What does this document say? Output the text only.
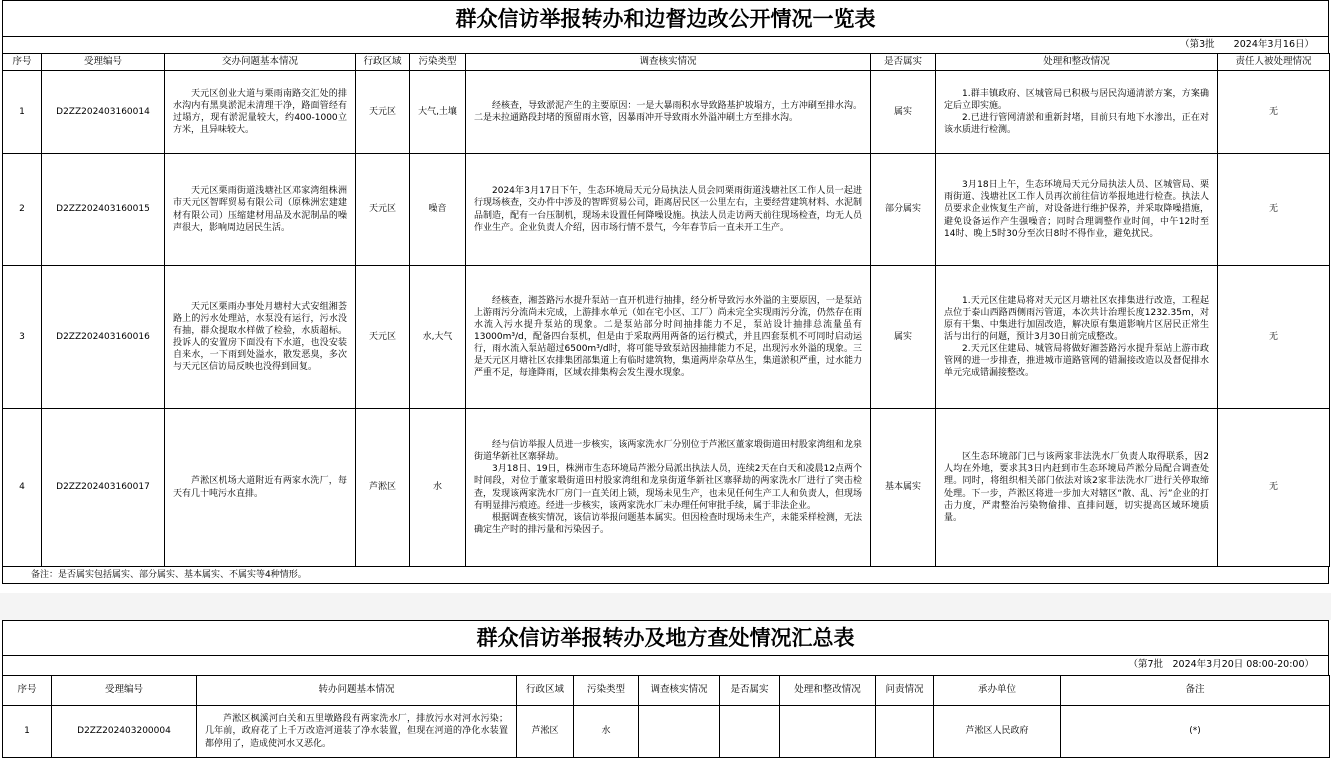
群众信访举报转办和边督边改公开情况一览表
（第3批　　2024年3月16日）
序号	受理编号	交办问题基本情况	行政区域	污染类型	调查核实情况	是否属实	处理和整改情况	责任人被处理情况
1	D2ZZ202403160014	天元区创业大道与栗雨南路交汇处的排水沟内有黑臭淤泥未清理干净，路面管经有过塌方，现有淤泥量较大，约400-1000立方米，且异味较大。	天元区	大气,土壤	经核查，导致淤泥产生的主要原因：一是大暴雨积水导致路基护坡塌方，土方冲刷至排水沟。二是未拉通路段封堵的预留雨水管，因暴雨冲开导致雨水外溢冲刷土方至排水沟。	属实	1.群丰镇政府、区城管局已积极与居民沟通清淤方案，方案确定后立即实施。
2.已进行管网清淤和重新封堵，目前只有地下水渗出，正在对该水质进行检测。	无
2	D2ZZ202403160015	天元区栗雨街道浅塘社区邓家湾组株洲市天元区智晖贸易有限公司（原株洲宏建建材有限公司）压缩建材用品及水泥制品的噪声很大，影响周边居民生活。	天元区	噪音	2024年3月17日下午，生态环境局天元分局执法人员会同栗雨街道浅塘社区工作人员一起进行现场核查，交办件中涉及的智晖贸易公司，距离居民区一公里左右，主要经营建筑材料、水泥制品制造，配有一台压制机，现场未设置任何降噪设施。执法人员走访两天前往现场检查，均无人员作业生产。企业负责人介绍，因市场行情不景气，今年春节后一直未开工生产。	部分属实	3月18日上午，生态环境局天元分局执法人员、区城管局、栗雨街道、浅塘社区工作人员再次前往信访举报地进行检查。执法人员要求企业恢复生产前，对设备进行维护保养，并采取降噪措施，避免设备运作产生强噪音；同时合理调整作业时间，中午12时至14时、晚上5时30分至次日8时不得作业，避免扰民。	无
3	D2ZZ202403160016	天元区栗雨办事处月塘村大式安组湘荟路上的污水处理站，水泵没有运行，污水没有抽，群众提取水样做了检验，水质超标。投诉人的安置房下面没有下水道，也没安装自来水，一下雨到处溢水，散发恶臭，多次与天元区信访局反映也没得到回复。	天元区	水,大气	经核查，湘荟路污水提升泵站一直开机进行抽排，经分析导致污水外溢的主要原因，一是泵站上游雨污分流尚未完成，上游排水单元（如在宅小区、工厂）尚未完全实现雨污分流，仍然存在雨水流入污水提升泵站的现象。二是泵站部分时间抽排能力不足，泵站设计抽排总流量虽有13000m³/d，配备四台泵机，但是由于采取两用两备的运行模式，并且四套泵机不可同时启动运行，雨水流入泵站超过6500m³/d时，将可能导致泵站因抽排能力不足，出现污水外溢的现象。三是天元区月塘社区农排集团部集道上有临时建筑物，集道两岸杂草丛生，集道淤积严重，过水能力严重不足，每逢降雨，区域农排集构会发生漫水现象。	属实	1.天元区住建局将对天元区月塘社区农排集进行改造，工程起点位于泰山西路西侧雨污管道，本次共计治理长度1232.35m，对原有干集、中集进行加固改造，解决原有集道影响片区居民正常生活与出行的问题，预计3月30日前完成整改。
2.天元区住建局、城管局将做好湘荟路污水提升泵站上游市政管网的进一步排查，推进城市道路管网的错漏接改造以及督促排水单元完成错漏接整改。	无
4	D2ZZ202403160017	芦淞区机场大道附近有两家水洗厂，每天有几十吨污水直排。	芦淞区	水	经与信访举报人员进一步核实，该两家洗水厂分别位于芦淞区董家塅街道田村股家湾组和龙泉街道华新社区寨驿劫。
3月18日、19日，株洲市生态环境局芦淞分局派出执法人员，连续2天在白天和凌晨12点两个时间段，对位于董家塅街道田村股家湾组和龙泉街道华新社区寨驿劫的两家洗水厂进行了突击检查，发现该两家洗水厂房门一直关闭上锁，现场未见生产，也未见任何生产工人和负责人，但现场有明显排污痕迹。经进一步核实，该两家洗水厂未办理任何审批手续，属于非法企业。
根据调查核实情况，该信访举报问题基本属实。但因检查时现场未生产，未能采样检测，无法确定生产时的排污量和污染因子。	基本属实	区生态环境部门已与该两家非法洗水厂负责人取得联系，因2人均在外地，要求其3日内赶到市生态环境局芦淞分局配合调查处理。同时，将组织相关部门依法对该2家非法洗水厂进行关停取缔处理。下一步，芦淞区将进一步加大对辖区“散、乱、污”企业的打击力度，严肃整治污染物偷排、直排问题，切实提高区域环境质量。	无
备注：是否属实包括属实、部分属实、基本属实、不属实等4种情形。
群众信访举报转办及地方查处情况汇总表
（第7批　2024年3月20日 08:00-20:00）
序号	受理编号	转办问题基本情况	行政区域	污染类型	调查核实情况	是否属实	处理和整改情况	问责情况	承办单位	备注
1	D2ZZ202403200004	芦淞区枫溪河白关和五里墩路段有两家洗水厂，排放污水对河水污染；几年前，政府花了上千万改造河道装了净水装置，但现在河道的净化水装置都停用了，造成使河水又恶化。	芦淞区	水					芦淞区人民政府	(*)
